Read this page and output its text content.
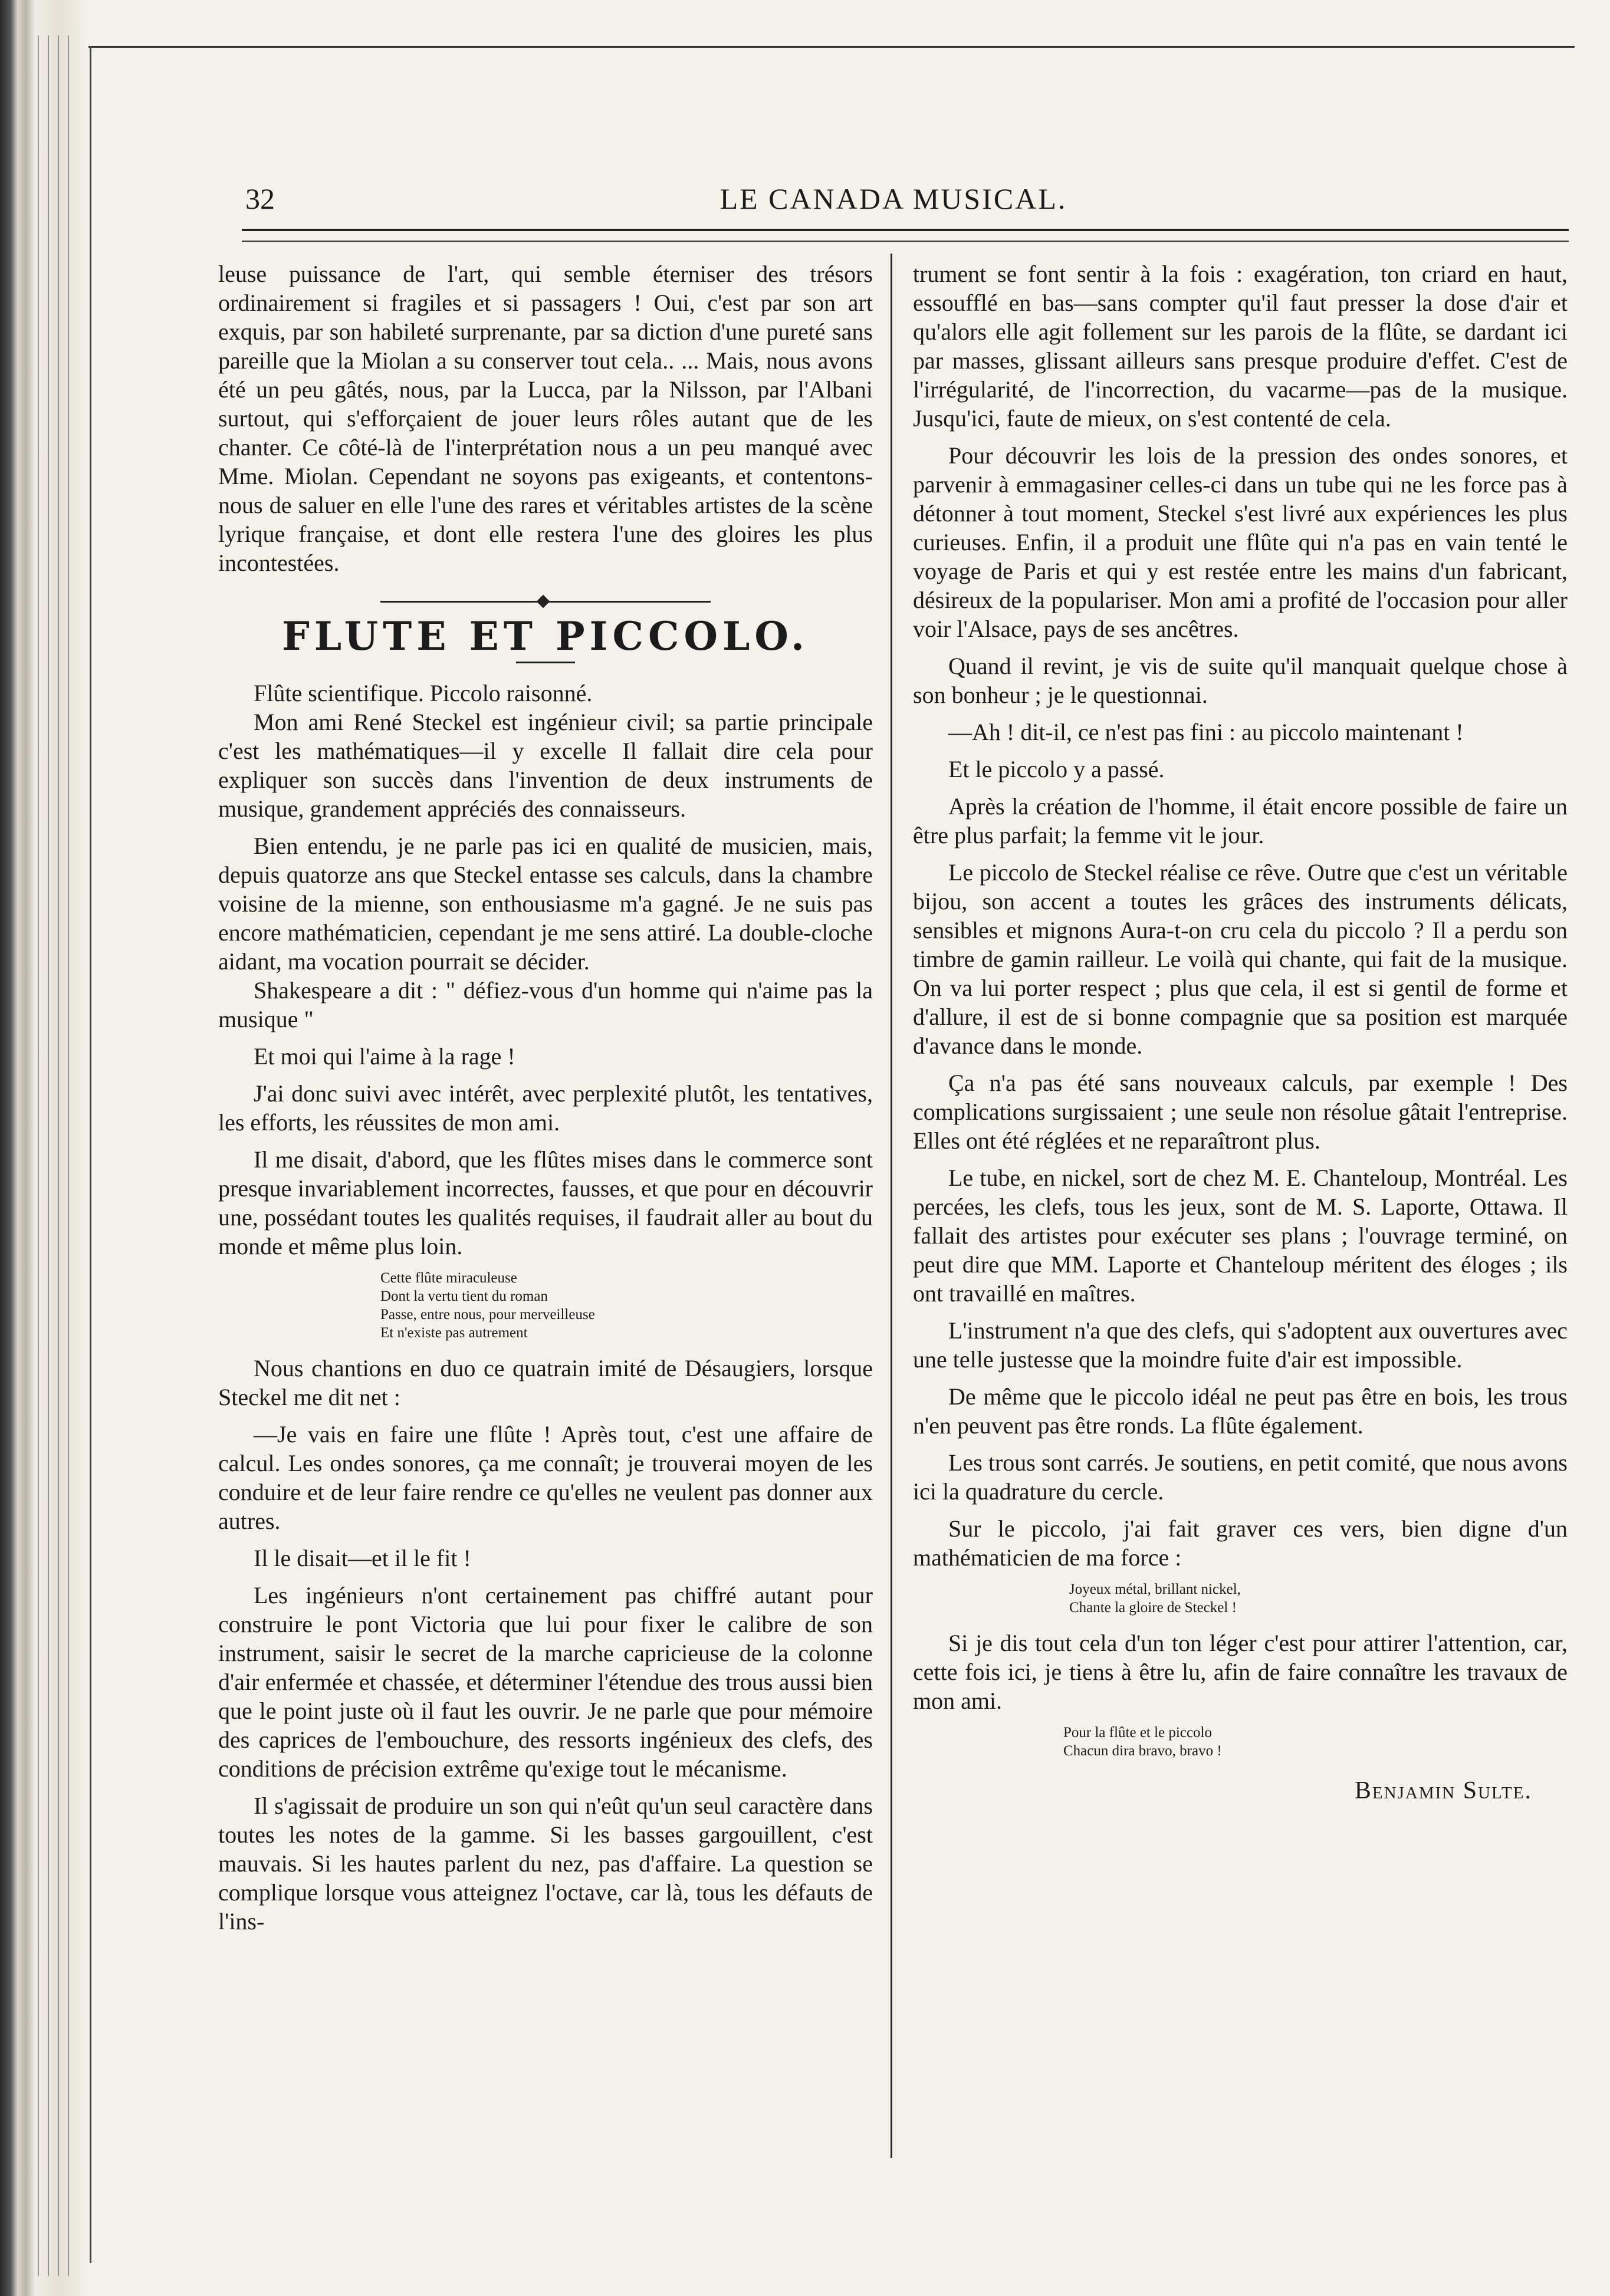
32	LE CANADA MUSICAL.

leuse puissance de l'art, qui semble éterniser des trésors ordinairement si fragiles et si passagers ! Oui, c'est par son art exquis, par son habileté surprenante, par sa diction d'une pureté sans pareille que la Miolan a su conserver tout cela.. ... Mais, nous avons été un peu gâtés, nous, par la Lucca, par la Nilsson, par l'Albani surtout, qui s'efforçaient de jouer leurs rôles autant que de les chanter. Ce côté-là de l'interprétation nous a un peu manqué avec Mme. Miolan. Cependant ne soyons pas exigeants, et contentons-nous de saluer en elle l'une des rares et véritables artistes de la scène lyrique française, et dont elle restera l'une des gloires les plus incontestées.

FLUTE ET PICCOLO.

Flûte scientifique. Piccolo raisonné.

Mon ami René Steckel est ingénieur civil; sa partie principale c'est les mathématiques—il y excelle Il fallait dire cela pour expliquer son succès dans l'invention de deux instruments de musique, grandement appréciés des connaisseurs.

Bien entendu, je ne parle pas ici en qualité de musicien, mais, depuis quatorze ans que Steckel entasse ses calculs, dans la chambre voisine de la mienne, son enthousiasme m'a gagné. Je ne suis pas encore mathématicien, cependant je me sens attiré. La double-cloche aidant, ma vocation pourrait se décider.

Shakespeare a dit : " défiez-vous d'un homme qui n'aime pas la musique "

Et moi qui l'aime à la rage !

J'ai donc suivi avec intérêt, avec perplexité plutôt, les tentatives, les efforts, les réussites de mon ami.

Il me disait, d'abord, que les flûtes mises dans le commerce sont presque invariablement incorrectes, fausses, et que pour en découvrir une, possédant toutes les qualités requises, il faudrait aller au bout du monde et même plus loin.

Cette flûte miraculeuse
Dont la vertu tient du roman
Passe, entre nous, pour merveilleuse
Et n'existe pas autrement

Nous chantions en duo ce quatrain imité de Désaugiers, lorsque Steckel me dit net :

—Je vais en faire une flûte ! Après tout, c'est une affaire de calcul. Les ondes sonores, ça me connaît; je trouverai moyen de les conduire et de leur faire rendre ce qu'elles ne veulent pas donner aux autres.

Il le disait—et il le fit !

Les ingénieurs n'ont certainement pas chiffré autant pour construire le pont Victoria que lui pour fixer le calibre de son instrument, saisir le secret de la marche capricieuse de la colonne d'air enfermée et chassée, et déterminer l'étendue des trous aussi bien que le point juste où il faut les ouvrir. Je ne parle que pour mémoire des caprices de l'embouchure, des ressorts ingénieux des clefs, des conditions de précision extrême qu'exige tout le mécanisme.

Il s'agissait de produire un son qui n'eût qu'un seul caractère dans toutes les notes de la gamme. Si les basses gargouillent, c'est mauvais. Si les hautes parlent du nez, pas d'affaire. La question se complique lorsque vous atteignez l'octave, car là, tous les défauts de l'ins-

trument se font sentir à la fois : exagération, ton criard en haut, essoufflé en bas—sans compter qu'il faut presser la dose d'air et qu'alors elle agit follement sur les parois de la flûte, se dardant ici par masses, glissant ailleurs sans presque produire d'effet. C'est de l'irrégularité, de l'incorrection, du vacarme—pas de la musique. Jusqu'ici, faute de mieux, on s'est contenté de cela.

Pour découvrir les lois de la pression des ondes sonores, et parvenir à emmagasiner celles-ci dans un tube qui ne les force pas à détonner à tout moment, Steckel s'est livré aux expériences les plus curieuses. Enfin, il a produit une flûte qui n'a pas en vain tenté le voyage de Paris et qui y est restée entre les mains d'un fabricant, désireux de la populariser. Mon ami a profité de l'occasion pour aller voir l'Alsace, pays de ses ancêtres.

Quand il revint, je vis de suite qu'il manquait quelque chose à son bonheur ; je le questionnai.

—Ah ! dit-il, ce n'est pas fini : au piccolo maintenant !

Et le piccolo y a passé.

Après la création de l'homme, il était encore possible de faire un être plus parfait; la femme vit le jour.

Le piccolo de Steckel réalise ce rêve. Outre que c'est un véritable bijou, son accent a toutes les grâces des instruments délicats, sensibles et mignons Aura-t-on cru cela du piccolo ? Il a perdu son timbre de gamin railleur. Le voilà qui chante, qui fait de la musique. On va lui porter respect ; plus que cela, il est si gentil de forme et d'allure, il est de si bonne compagnie que sa position est marquée d'avance dans le monde.

Ça n'a pas été sans nouveaux calculs, par exemple ! Des complications surgissaient ; une seule non résolue gâtait l'entreprise. Elles ont été réglées et ne reparaîtront plus.

Le tube, en nickel, sort de chez M. E. Chanteloup, Montréal. Les percées, les clefs, tous les jeux, sont de M. S. Laporte, Ottawa. Il fallait des artistes pour exécuter ses plans ; l'ouvrage terminé, on peut dire que MM. Laporte et Chanteloup méritent des éloges ; ils ont travaillé en maîtres.

L'instrument n'a que des clefs, qui s'adoptent aux ouvertures avec une telle justesse que la moindre fuite d'air est impossible.

De même que le piccolo idéal ne peut pas être en bois, les trous n'en peuvent pas être ronds. La flûte également.

Les trous sont carrés. Je soutiens, en petit comité, que nous avons ici la quadrature du cercle.

Sur le piccolo, j'ai fait graver ces vers, bien digne d'un mathématicien de ma force :

Joyeux métal, brillant nickel,
Chante la gloire de Steckel !

Si je dis tout cela d'un ton léger c'est pour attirer l'attention, car, cette fois ici, je tiens à être lu, afin de faire connaître les travaux de mon ami.

Pour la flûte et le piccolo
Chacun dira bravo, bravo !
Benjamin Sulte.
